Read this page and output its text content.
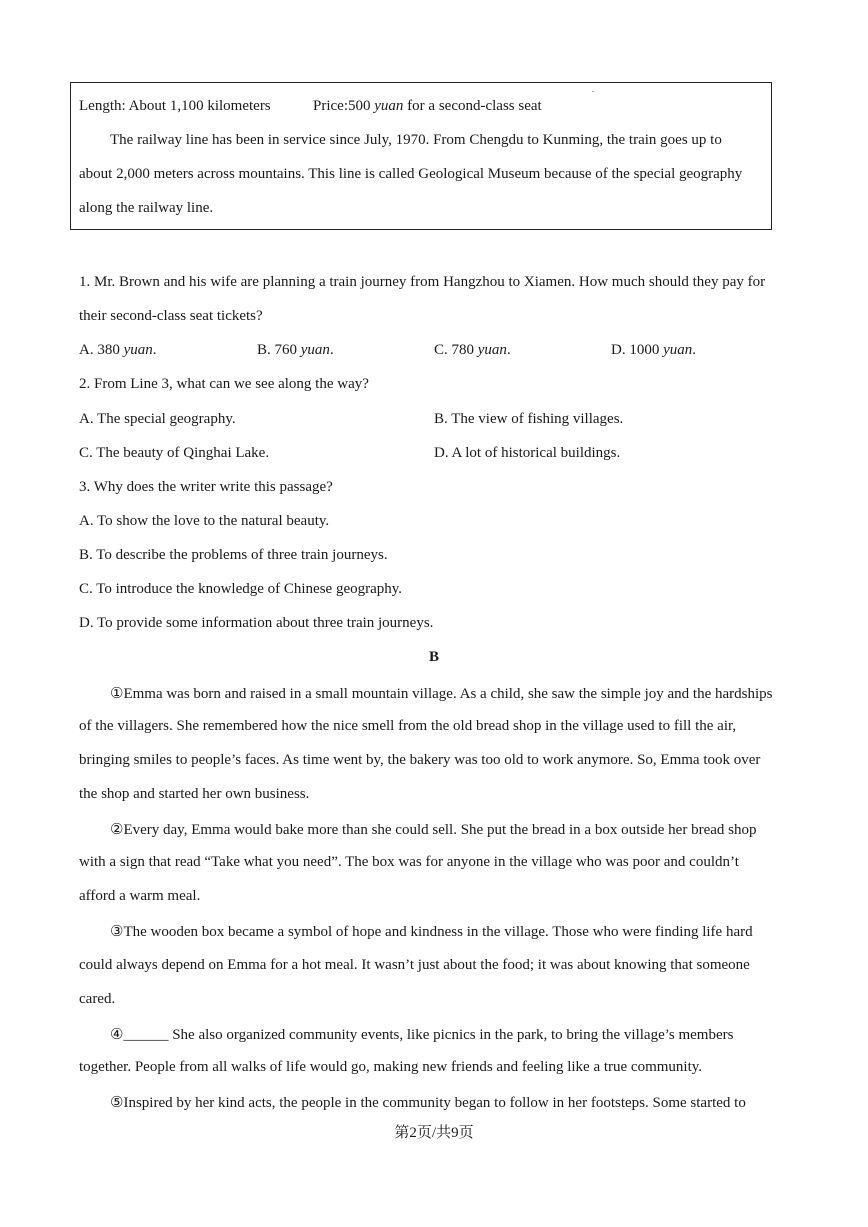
.
Length: About 1,100 kilometers	Price:500 yuan for a second-class seat
The railway line has been in service since July, 1970. From Chengdu to Kunming, the train goes up to
about 2,000 meters across mountains. This line is called Geological Museum because of the special geography
along the railway line.
1. Mr. Brown and his wife are planning a train journey from Hangzhou to Xiamen. How much should they pay for
their second-class seat tickets?
A. 380 yuan.	B. 760 yuan.	C. 780 yuan.	D. 1000 yuan.
2. From Line 3, what can we see along the way?
A. The special geography.	B. The view of fishing villages.
C. The beauty of Qinghai Lake.	D. A lot of historical buildings.
3. Why does the writer write this passage?
A. To show the love to the natural beauty.
B. To describe the problems of three train journeys.
C. To introduce the knowledge of Chinese geography.
D. To provide some information about three train journeys.
B
①Emma was born and raised in a small mountain village. As a child, she saw the simple joy and the hardships
of the villagers. She remembered how the nice smell from the old bread shop in the village used to fill the air,
bringing smiles to people’s faces. As time went by, the bakery was too old to work anymore. So, Emma took over
the shop and started her own business.
②Every day, Emma would bake more than she could sell. She put the bread in a box outside her bread shop
with a sign that read “Take what you need”. The box was for anyone in the village who was poor and couldn’t
afford a warm meal.
③The wooden box became a symbol of hope and kindness in the village. Those who were finding life hard
could always depend on Emma for a hot meal. It wasn’t just about the food; it was about knowing that someone
cared.
④______ She also organized community events, like picnics in the park, to bring the village’s members
together. People from all walks of life would go, making new friends and feeling like a true community.
⑤Inspired by her kind acts, the people in the community began to follow in her footsteps. Some started to
第2页/共9页
